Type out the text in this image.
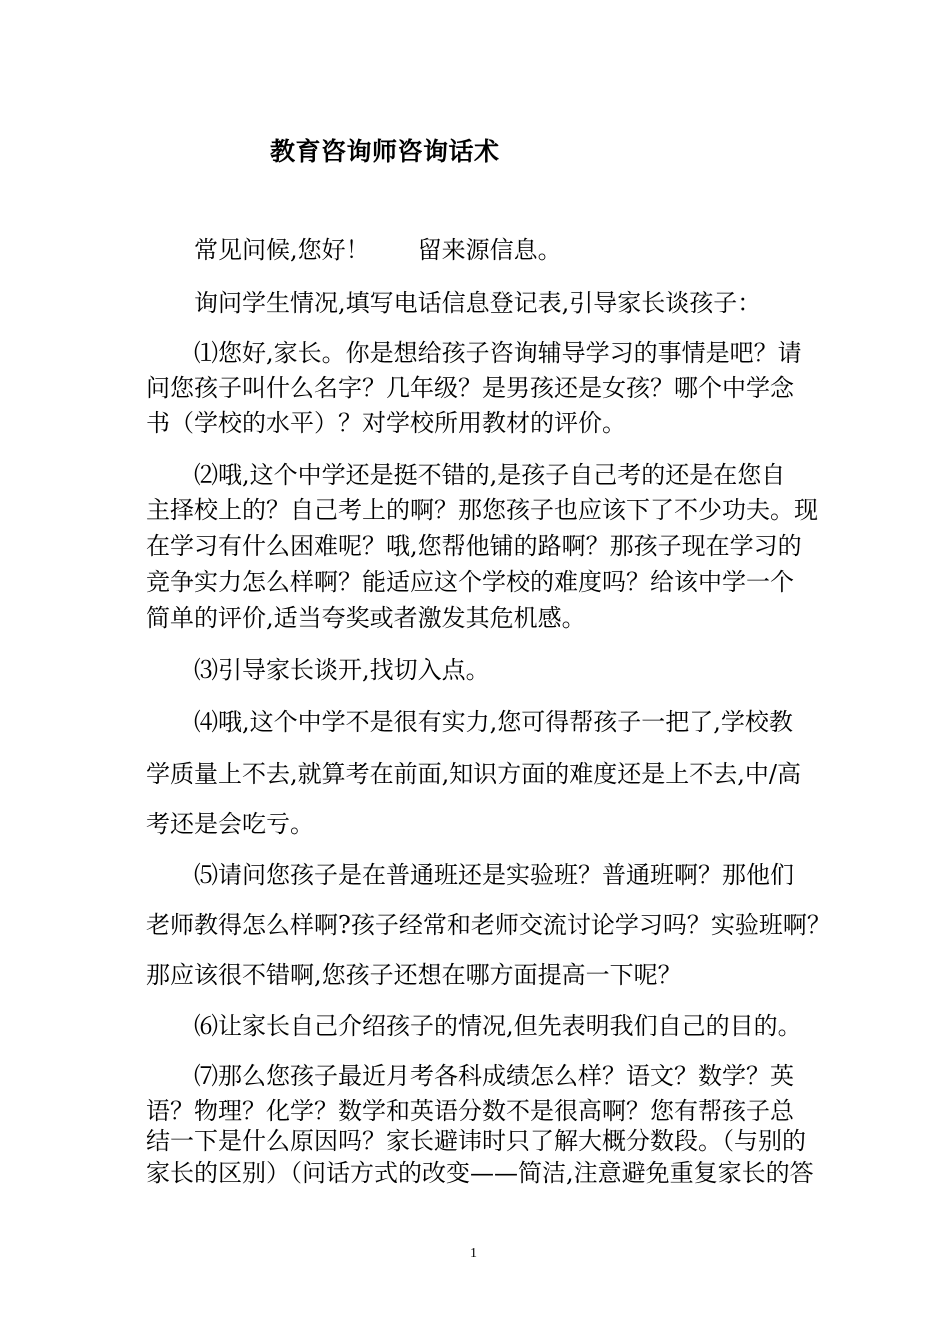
教育咨询师咨询话术
常见问候,您好！ 留来源信息。
询问学生情况,填写电话信息登记表,引导家长谈孩子：
⑴您好,家长。你是想给孩子咨询辅导学习的事情是吧？请
问您孩子叫什么名字？几年级？是男孩还是女孩？哪个中学念
书（学校的水平）？对学校所用教材的评价。
⑵哦,这个中学还是挺不错的,是孩子自己考的还是在您自
主择校上的？自己考上的啊？那您孩子也应该下了不少功夫。现
在学习有什么困难呢？哦,您帮他铺的路啊？那孩子现在学习的
竞争实力怎么样啊？能适应这个学校的难度吗？给该中学一个
简单的评价,适当夸奖或者激发其危机感。
⑶引导家长谈开,找切入点。
⑷哦,这个中学不是很有实力,您可得帮孩子一把了,学校教
学质量上不去,就算考在前面,知识方面的难度还是上不去,中/高
考还是会吃亏。
⑸请问您孩子是在普通班还是实验班？普通班啊？那他们
老师教得怎么样啊?孩子经常和老师交流讨论学习吗？实验班啊？
那应该很不错啊,您孩子还想在哪方面提高一下呢？
⑹让家长自己介绍孩子的情况,但先表明我们自己的目的。
⑺那么您孩子最近月考各科成绩怎么样？语文？数学？英
语？物理？化学？数学和英语分数不是很高啊？您有帮孩子总
结一下是什么原因吗？家长避讳时只了解大概分数段。（与别的
家长的区别）（问话方式的改变——简洁,注意避免重复家长的答
1
